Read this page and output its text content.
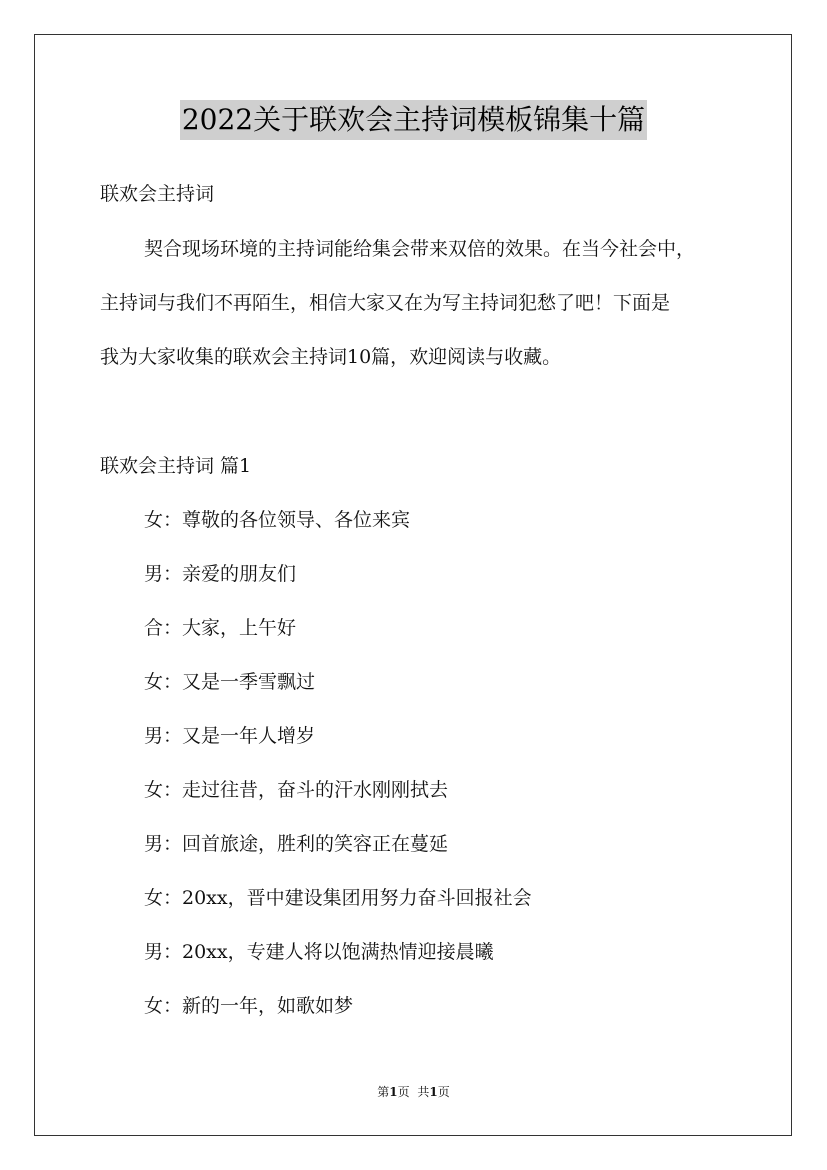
2022关于联欢会主持词模板锦集十篇
联欢会主持词
契合现场环境的主持词能给集会带来双倍的效果。在当今社会中，
主持词与我们不再陌生，相信大家又在为写主持词犯愁了吧！下面是
我为大家收集的联欢会主持词10篇，欢迎阅读与收藏。
联欢会主持词 篇1
女：尊敬的各位领导、各位来宾
男：亲爱的朋友们
合：大家，上午好
女：又是一季雪飘过
男：又是一年人增岁
女：走过往昔，奋斗的汗水刚刚拭去
男：回首旅途，胜利的笑容正在蔓延
女：20xx，晋中建设集团用努力奋斗回报社会
男：20xx，专建人将以饱满热情迎接晨曦
女：新的一年，如歌如梦
第1页 共1页
